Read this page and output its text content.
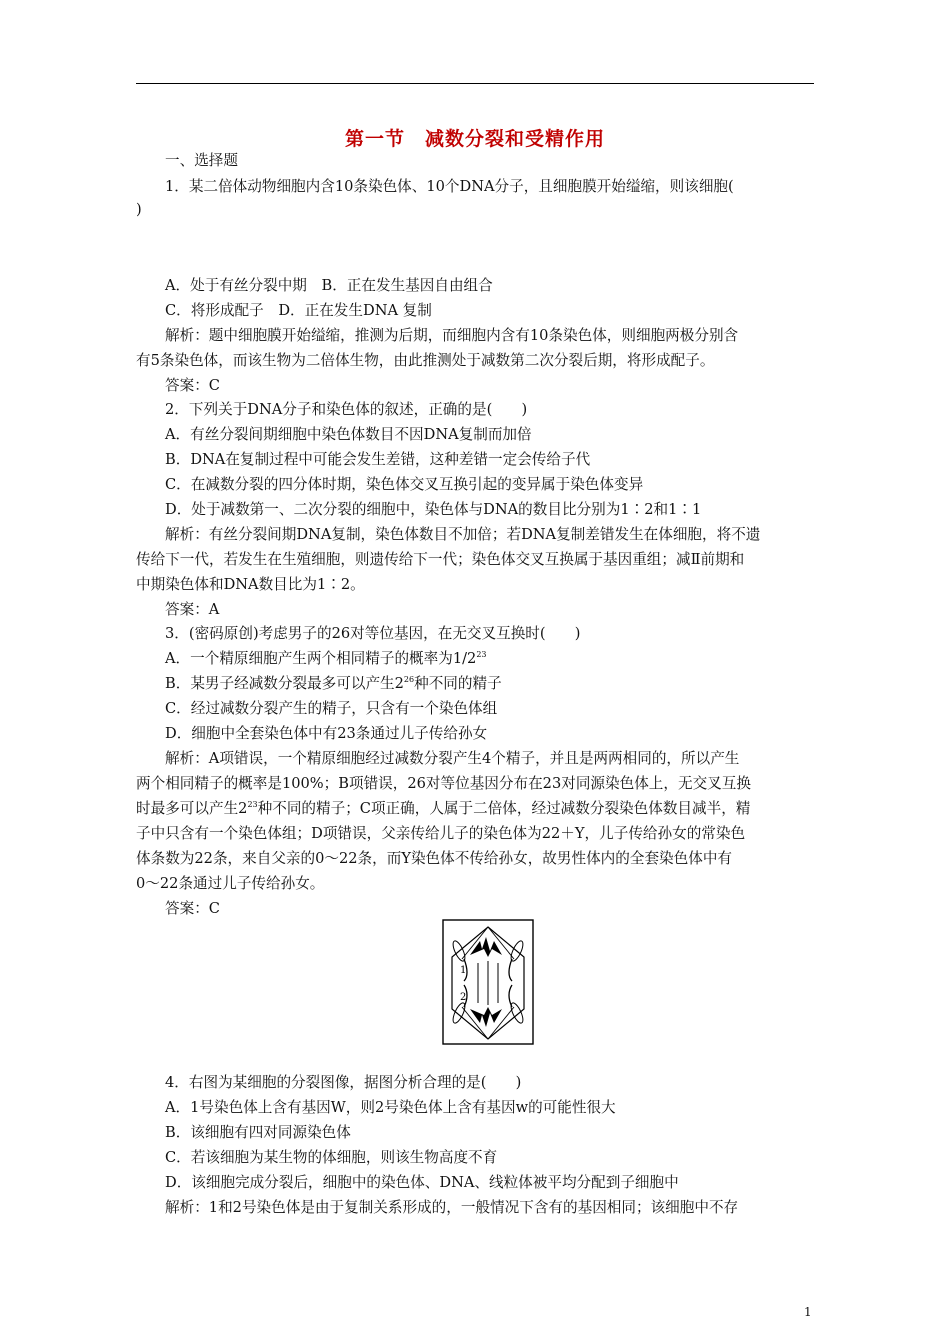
第一节　减数分裂和受精作用
一、选择题
1．某二倍体动物细胞内含10条染色体、10个DNA分子，且细胞膜开始缢缩，则该细胞(
)
A．处于有丝分裂中期　B．正在发生基因自由组合
C．将形成配子　D．正在发生DNA 复制
解析：题中细胞膜开始缢缩，推测为后期，而细胞内含有10条染色体，则细胞两极分别含
有5条染色体，而该生物为二倍体生物，由此推测处于减数第二次分裂后期，将形成配子。
答案：C
2．下列关于DNA分子和染色体的叙述，正确的是(　　)
A．有丝分裂间期细胞中染色体数目不因DNA复制而加倍
B．DNA在复制过程中可能会发生差错，这种差错一定会传给子代
C．在减数分裂的四分体时期，染色体交叉互换引起的变异属于染色体变异
D．处于减数第一、二次分裂的细胞中，染色体与DNA的数目比分别为1∶2和1∶1
解析：有丝分裂间期DNA复制，染色体数目不加倍；若DNA复制差错发生在体细胞，将不遗
传给下一代，若发生在生殖细胞，则遗传给下一代；染色体交叉互换属于基因重组；减Ⅱ前期和
中期染色体和DNA数目比为1∶2。
答案：A
3．(密码原创)考虑男子的26对等位基因，在无交叉互换时(　　)
A．一个精原细胞产生两个相同精子的概率为$1/2^{23}$
B．某男子经减数分裂最多可以产生$2^{26}$种不同的精子
C．经过减数分裂产生的精子，只含有一个染色体组
D．细胞中全套染色体中有23条通过儿子传给孙女
解析：A项错误，一个精原细胞经过减数分裂产生4个精子，并且是两两相同的，所以产生
两个相同精子的概率是100%；B项错误，26对等位基因分布在23对同源染色体上，无交叉互换
时最多可以产生$2^{23}$种不同的精子；C项正确，人属于二倍体，经过减数分裂染色体数目减半，精
子中只含有一个染色体组；D项错误，父亲传给儿子的染色体为22＋Y，儿子传给孙女的常染色
体条数为22条，来自父亲的0～22条，而Y染色体不传给孙女，故男性体内的全套染色体中有
0～22条通过儿子传给孙女。
答案：C
1
2
4．右图为某细胞的分裂图像，据图分析合理的是(　　)
A．1号染色体上含有基因W，则2号染色体上含有基因w的可能性很大
B．该细胞有四对同源染色体
C．若该细胞为某生物的体细胞，则该生物高度不育
D．该细胞完成分裂后，细胞中的染色体、DNA、线粒体被平均分配到子细胞中
解析：1和2号染色体是由于复制关系形成的，一般情况下含有的基因相同；该细胞中不存
1
